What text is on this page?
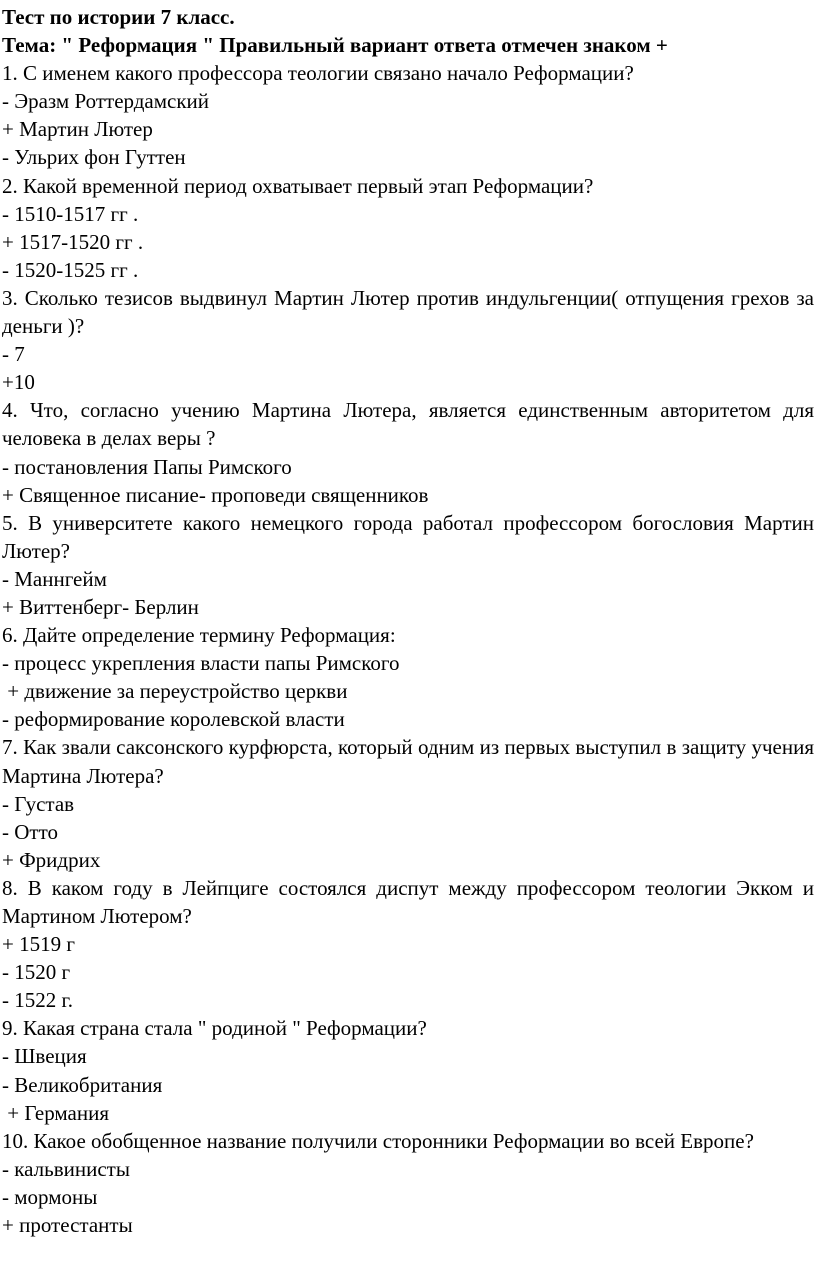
Тест по истории 7 класс.
Тема: " Реформация " Правильный вариант ответа отмечен знаком +
1. С именем какого профессора теологии связано начало Реформации?
- Эразм Роттердамский
+ Мартин Лютер
- Ульрих фон Гуттен
2. Какой временной период охватывает первый этап Реформации?
- 1510-1517 гг .
+ 1517-1520 гг .
- 1520-1525 гг .
3. Сколько тезисов выдвинул Мартин Лютер против индульгенции( отпущения грехов за деньги )?
- 7
+10
4. Что, согласно учению Мартина Лютера, является единственным авторитетом для человека в делах веры ?
- постановления Папы Римского
+ Священное писание- проповеди священников
5. В университете какого немецкого города работал профессором богословия Мартин Лютер?
- Маннгейм
+ Виттенберг- Берлин
6. Дайте определение термину Реформация:
- процесс укрепления власти папы Римского
+ движение за переустройство церкви
- реформирование королевской власти
7. Как звали саксонского курфюрста, который одним из первых выступил в защиту учения Мартина Лютера?
- Густав
- Отто
+ Фридрих
8. В каком году в Лейпциге состоялся диспут между профессором теологии Экком и Мартином Лютером?
+ 1519 г
- 1520 г
- 1522 г.
9. Какая страна стала " родиной " Реформации?
- Швеция
- Великобритания
+ Германия
10. Какое обобщенное название получили сторонники Реформации во всей Европе?
- кальвинисты
- мормоны
+ протестанты
